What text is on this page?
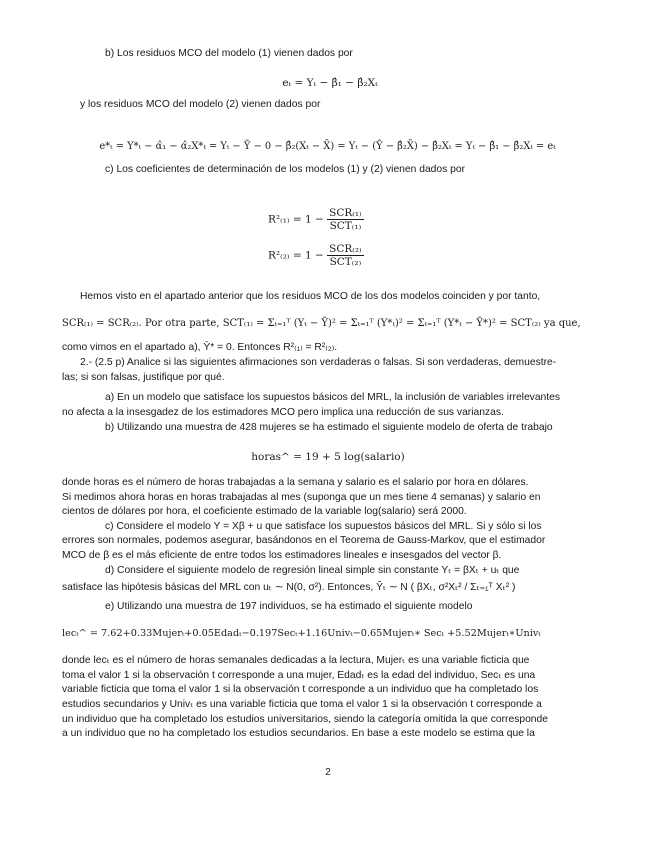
b) Los residuos MCO del modelo (1) vienen dados por
eₜ = Yₜ − β̂₁ − β̂₂Xₜ
y los residuos MCO del modelo (2) vienen dados por
e*ₜ = Y*ₜ − α̂₁ − α̂₂X*ₜ = Yₜ − Ȳ − 0 − β̂₂(Xₜ − X̄) = Yₜ − (Ȳ − β̂₂X̄) − β̂₂Xₜ = Yₜ − β̂₁ − β̂₂Xₜ = eₜ
c) Los coeficientes de determinación de los modelos (1) y (2) vienen dados por
$R^2_{(1)} = 1 - \frac{\text{SCR₍₁₎}}{\text{SCT₍₁₎}}$
$R^2_{(2)} = 1 - \frac{\text{SCR₍₂₎}}{\text{SCT₍₂₎}}$
Hemos visto en el apartado anterior que los residuos MCO de los dos modelos coinciden y por tanto,
SCR₍₁₎ = SCR₍₂₎. Por otra parte, SCT₍₁₎ = Σₜ₌₁ᵀ (Yₜ − Ȳ)² = Σₜ₌₁ᵀ (Y*ₜ)² = Σₜ₌₁ᵀ (Y*ₜ − Ȳ*)² = SCT₍₂₎ ya que,
como vimos en el apartado a), Ȳ* = 0. Entonces R²₍₁₎ = R²₍₂₎.
2.- (2.5 p) Analice si las siguientes afirmaciones son verdaderas o falsas. Si son verdaderas, demuestre-
las; si son falsas, justifique por qué.
a) En un modelo que satisface los supuestos básicos del MRL, la inclusión de variables irrelevantes
no afecta a la insesgadez de los estimadores MCO pero implica una reducción de sus varianzas.
b) Utilizando una muestra de 428 mujeres se ha estimado el siguiente modelo de oferta de trabajo
horas^ = 19 + 5 log(salario)
donde horas es el número de horas trabajadas a la semana y salario es el salario por hora en dólares.
Si medimos ahora horas en horas trabajadas al mes (suponga que un mes tiene 4 semanas) y salario en
cientos de dólares por hora, el coeficiente estimado de la variable log(salario) será 2000.
c) Considere el modelo Y = Xβ + u que satisface los supuestos básicos del MRL. Si y sólo si los
errores son normales, podemos asegurar, basándonos en el Teorema de Gauss-Markov, que el estimador
MCO de β es el más eficiente de entre todos los estimadores lineales e insesgados del vector β.
d) Considere el siguiente modelo de regresión lineal simple sin constante Yₜ = βXₜ + uₜ que
satisface las hipótesis básicas del MRL con uₜ ∼ N(0, σ²). Entonces, Ŷₜ ∼ N ( βXₜ, σ²Xₜ² / Σₜ₌₁ᵀ Xₜ² )
e) Utilizando una muestra de 197 individuos, se ha estimado el siguiente modelo
lecₜ^ = 7.62+0.33Mujerₜ+0.05Edadₜ−0.197Secₜ+1.16Univₜ−0.65Mujerₜ∗ Secₜ +5.52Mujerₜ∗Univₜ
donde lecₜ es el número de horas semanales dedicadas a la lectura, Mujerₜ es una variable ficticia que
toma el valor 1 si la observación t corresponde a una mujer, Edadₜ es la edad del individuo, Secₜ es una
variable ficticia que toma el valor 1 si la observación t corresponde a un individuo que ha completado los
estudios secundarios y Univₜ es una variable ficticia que toma el valor 1 si la observación t corresponde a
un individuo que ha completado los estudios universitarios, siendo la categoría omitida la que corresponde
a un individuo que no ha completado los estudios secundarios. En base a este modelo se estima que la
2
